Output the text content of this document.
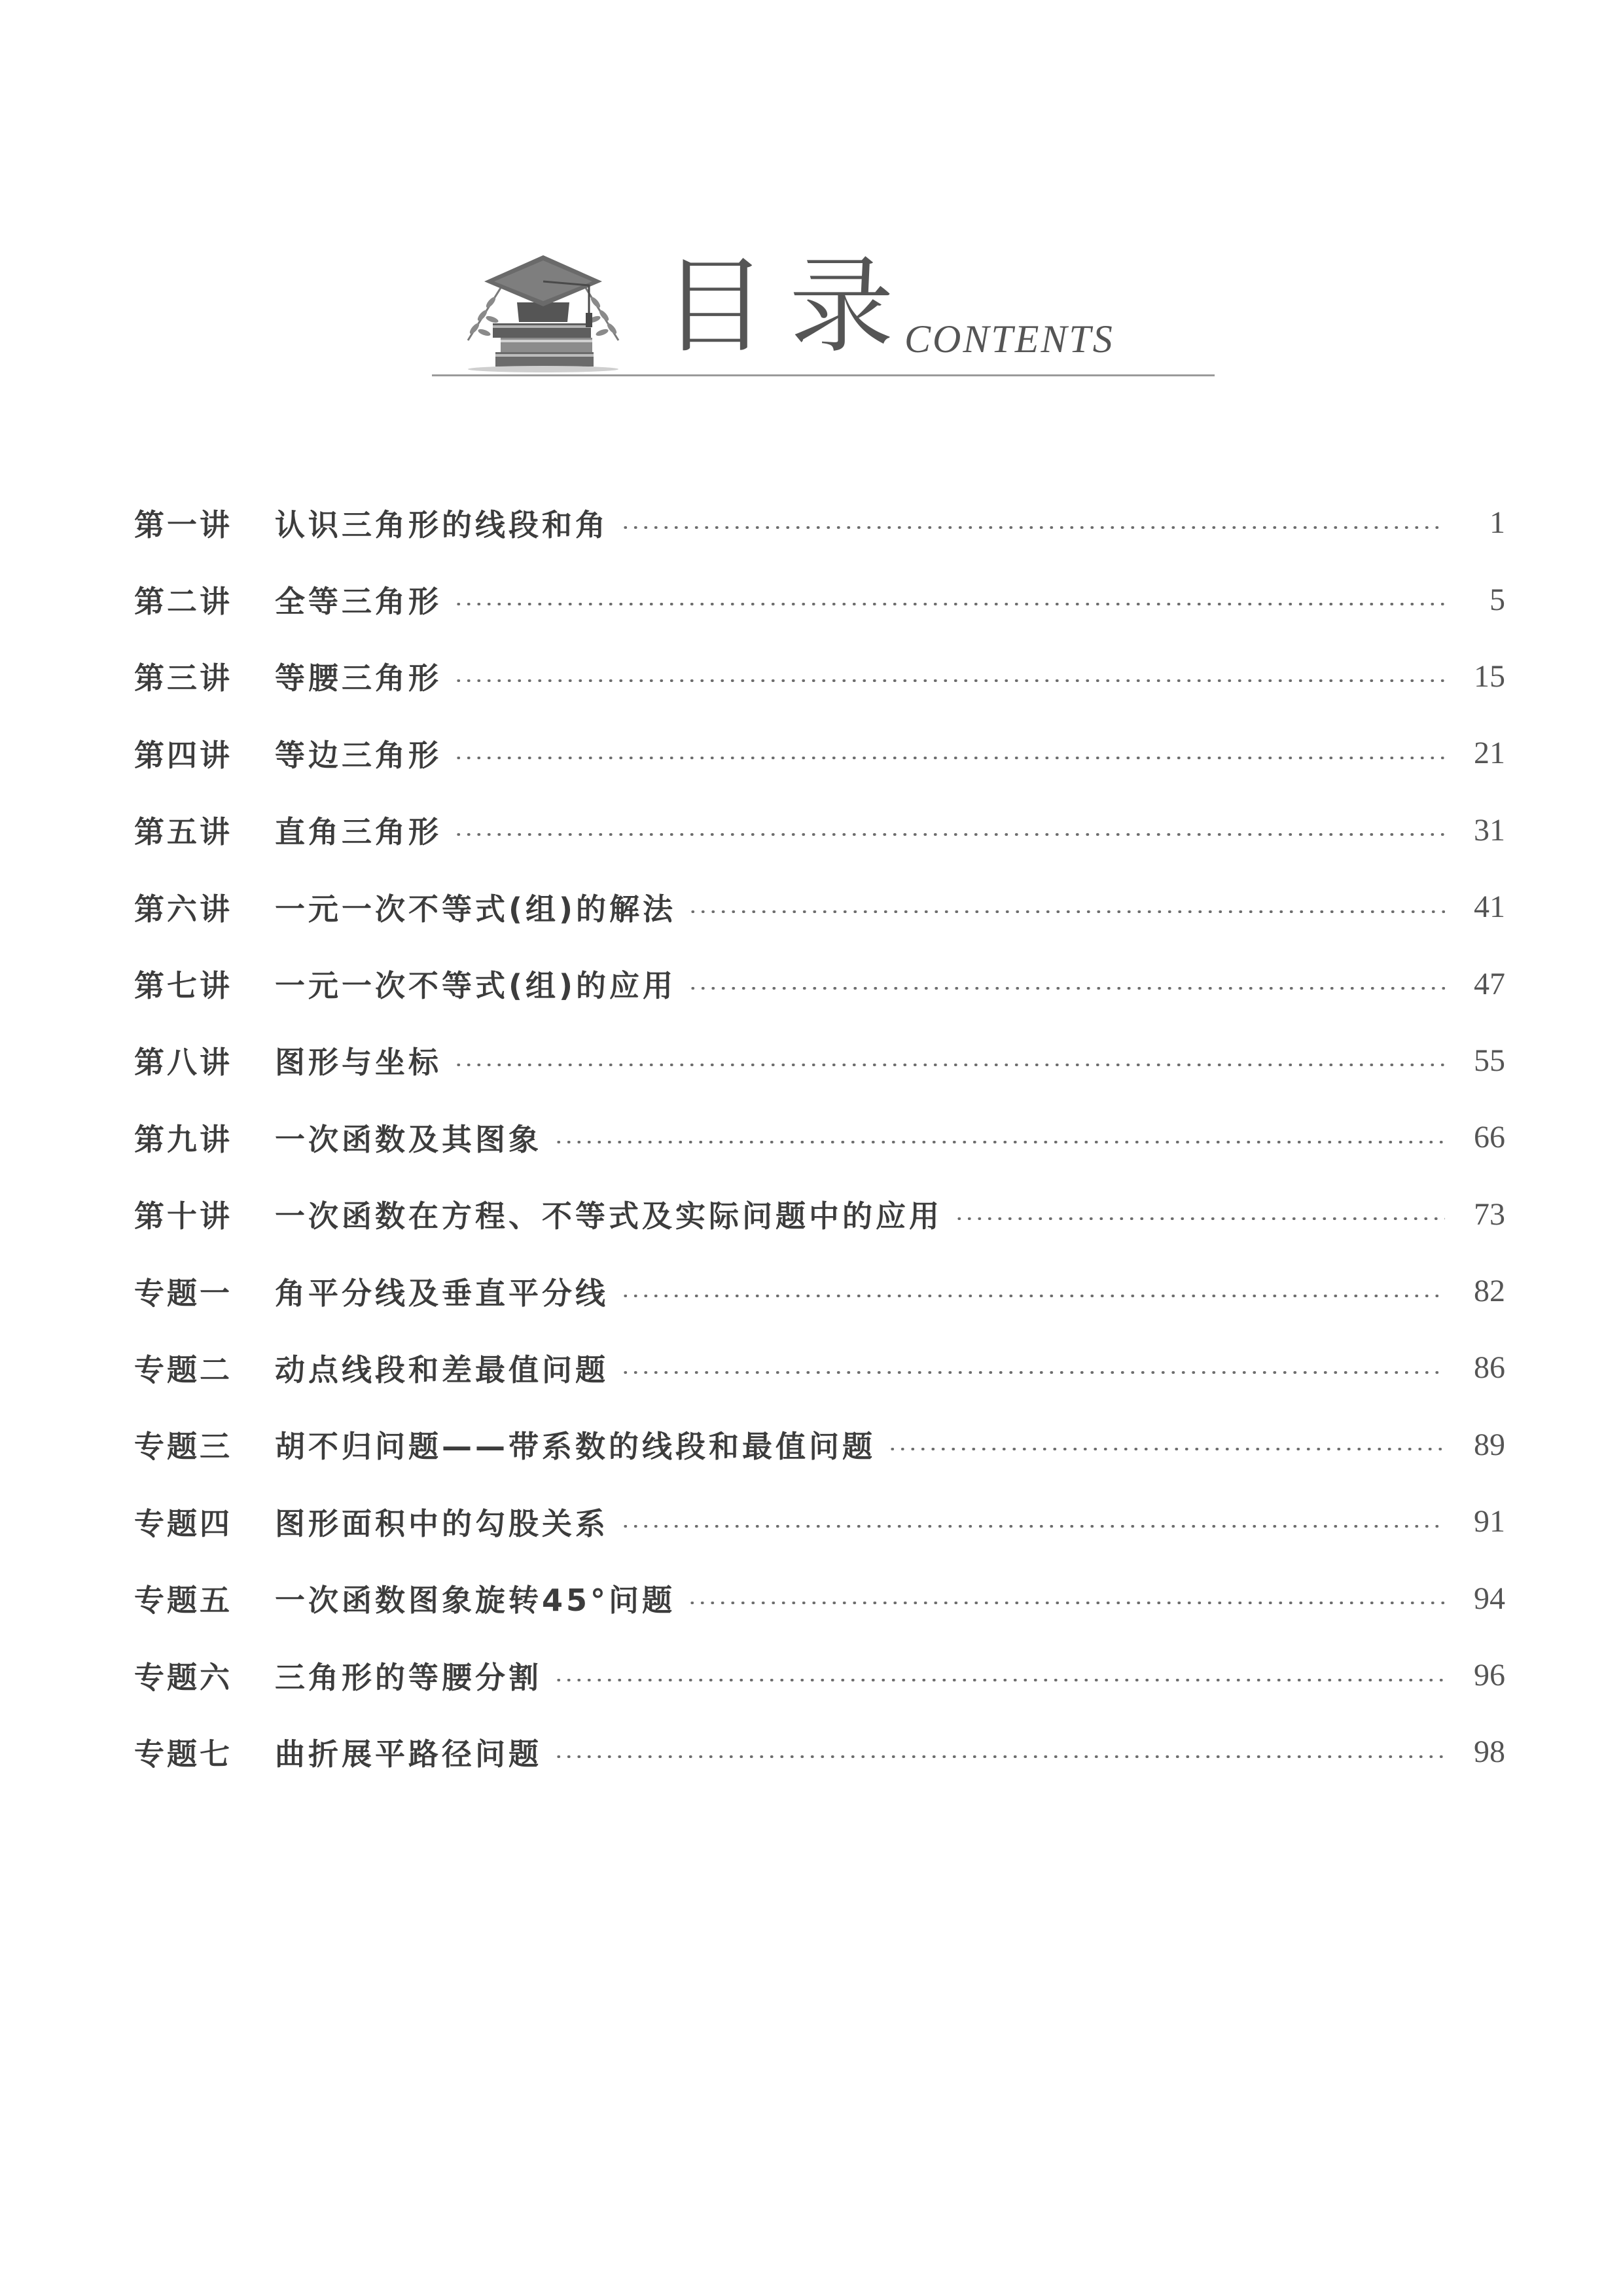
目录
CONTENTS
第一讲	认识三角形的线段和角	1
第二讲	全等三角形	5
第三讲	等腰三角形	15
第四讲	等边三角形	21
第五讲	直角三角形	31
第六讲	一元一次不等式(组)的解法	41
第七讲	一元一次不等式(组)的应用	47
第八讲	图形与坐标	55
第九讲	一次函数及其图象	66
第十讲	一次函数在方程、不等式及实际问题中的应用	73
专题一	角平分线及垂直平分线	82
专题二	动点线段和差最值问题	86
专题三	胡不归问题——带系数的线段和最值问题	89
专题四	图形面积中的勾股关系	91
专题五	一次函数图象旋转45°问题	94
专题六	三角形的等腰分割	96
专题七	曲折展平路径问题	98
